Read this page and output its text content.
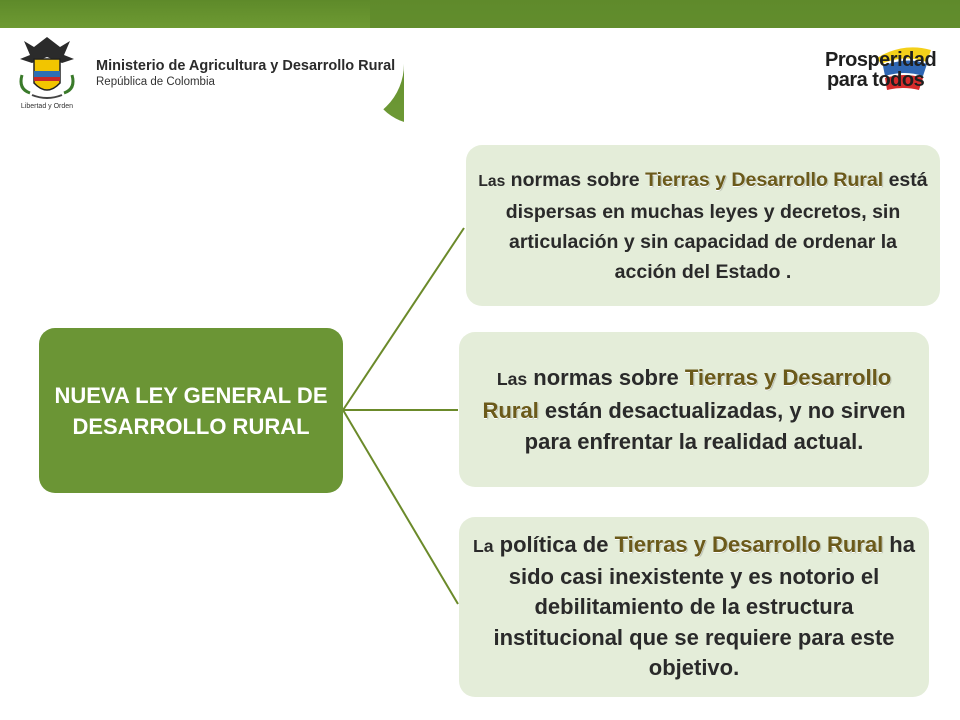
Libertad y Orden
Ministerio de Agricultura y Desarrollo Rural
República de Colombia
Prosperidad
para todos
NUEVA LEY GENERAL DE DESARROLLO RURAL
Las normas sobre Tierras y Desarrollo Rural está dispersas en muchas leyes y decretos, sin articulación y sin capacidad de ordenar la acción del Estado .
Las normas sobre Tierras y Desarrollo Rural están desactualizadas, y no sirven para enfrentar la realidad actual.
La política de Tierras y Desarrollo Rural ha sido casi inexistente y es notorio el debilitamiento de la estructura institucional que se requiere para este objetivo.
